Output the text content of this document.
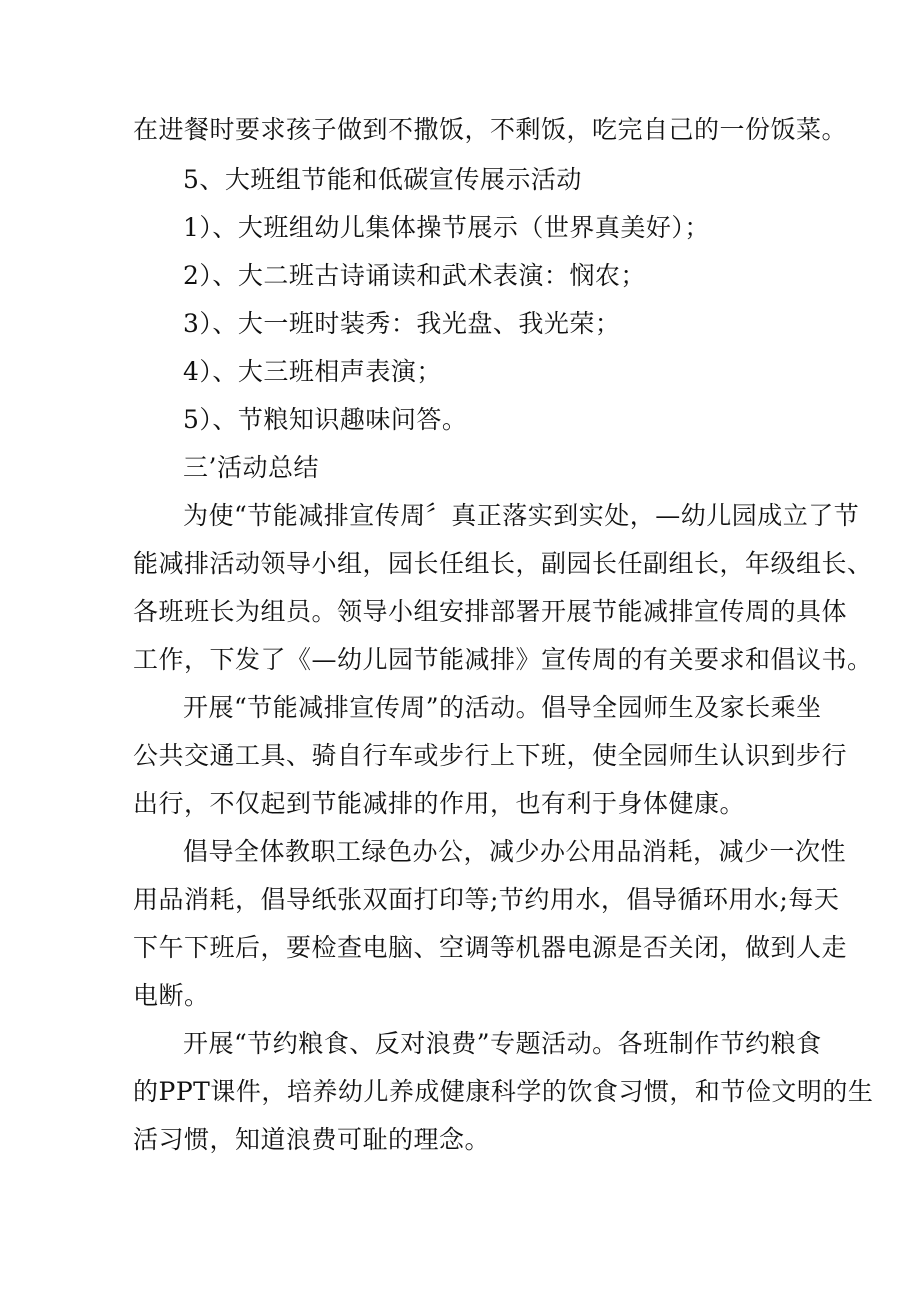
在进餐时要求孩子做到不撒饭，不剩饭，吃完自己的一份饭菜。
5、大班组节能和低碳宣传展示活动
1）、大班组幼儿集体操节展示（世界真美好）；
2）、大二班古诗诵读和武术表演：悯农；
3）、大一班时装秀：我光盘、我光荣；
4）、大三班相声表演；
5）、节粮知识趣味问答。
三’活动总结
为使“节能减排宣传周〞真正落实到实处，—幼儿园成立了节
能减排活动领导小组，园长任组长，副园长任副组长，年级组长、
各班班长为组员。领导小组安排部署开展节能减排宣传周的具体
工作，下发了《—幼儿园节能减排》宣传周的有关要求和倡议书。
开展“节能减排宣传周”的活动。倡导全园师生及家长乘坐
公共交通工具、骑自行车或步行上下班，使全园师生认识到步行
出行，不仅起到节能减排的作用，也有利于身体健康。
倡导全体教职工绿色办公，减少办公用品消耗，减少一次性
用品消耗，倡导纸张双面打印等;节约用水，倡导循环用水;每天
下午下班后，要检查电脑、空调等机器电源是否关闭，做到人走
电断。
开展“节约粮食、反对浪费”专题活动。各班制作节约粮食
的PPT课件，培养幼儿养成健康科学的饮食习惯，和节俭文明的生
活习惯，知道浪费可耻的理念。
